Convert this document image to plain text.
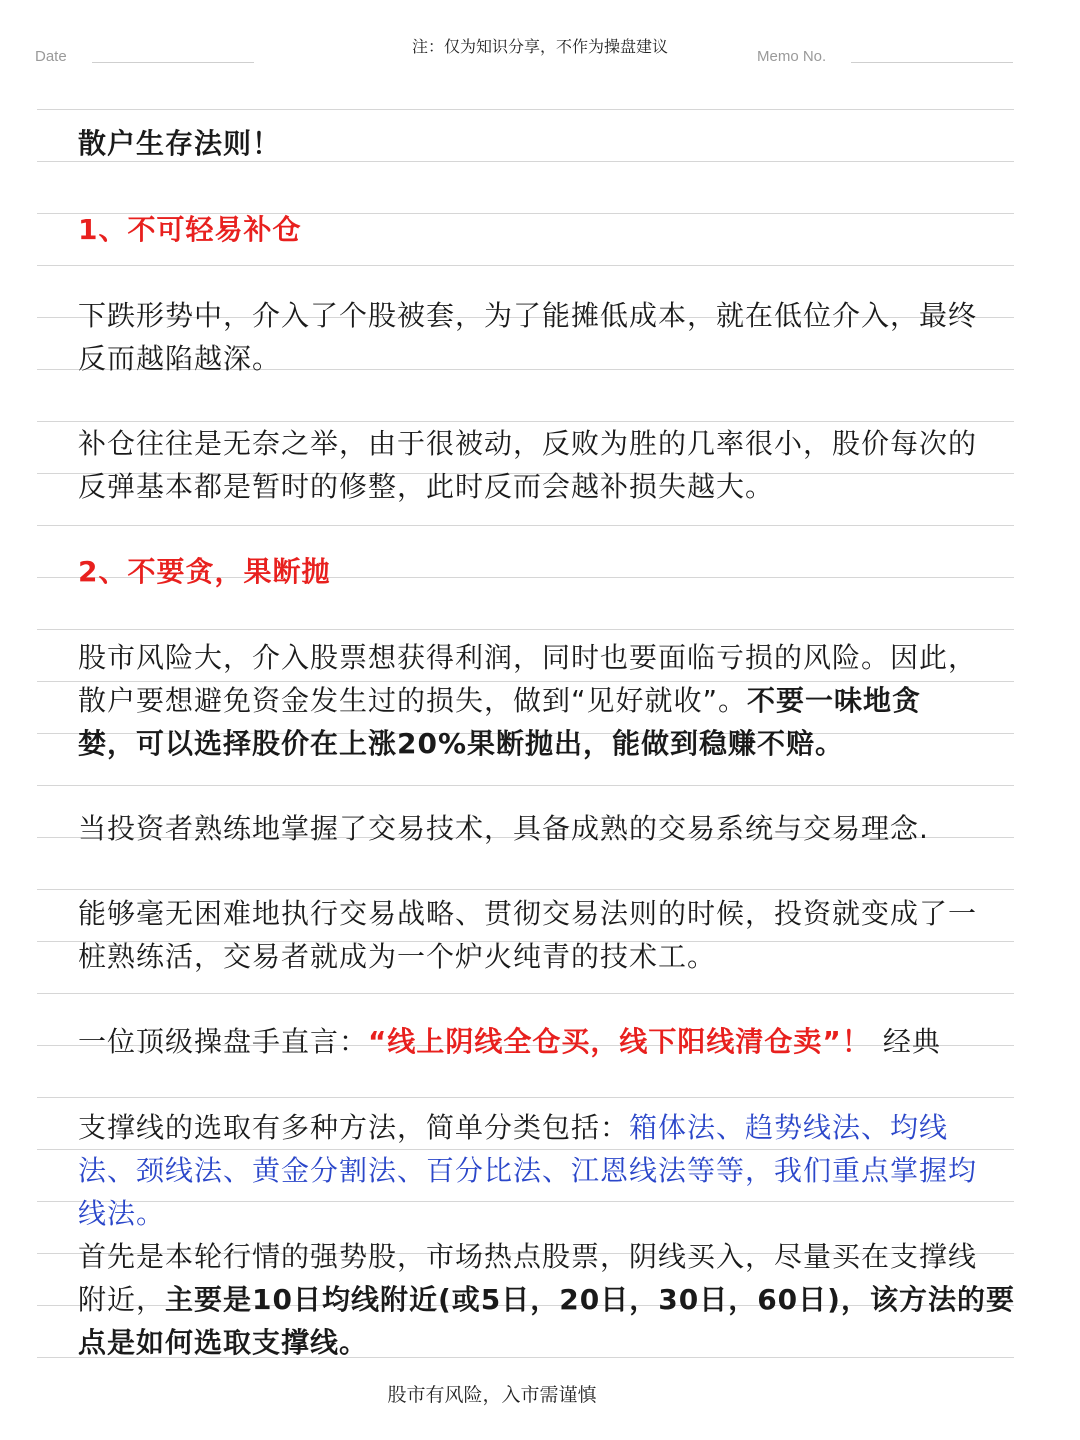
注：仅为知识分享，不作为操盘建议
Date	Memo No.
散户生存法则！
1、不可轻易补仓
下跌形势中，介入了个股被套，为了能摊低成本，就在低位介入，最终
反而越陷越深。
补仓往往是无奈之举，由于很被动，反败为胜的几率很小，股价每次的
反弹基本都是暂时的修整，此时反而会越补损失越大。
2、不要贪，果断抛
股市风险大，介入股票想获得利润，同时也要面临亏损的风险。因此，
散户要想避免资金发生过的损失，做到“见好就收”。不要一味地贪
婪，可以选择股价在上涨20%果断抛出，能做到稳赚不赔。
当投资者熟练地掌握了交易技术，具备成熟的交易系统与交易理念.
能够毫无困难地执行交易战略、贯彻交易法则的时候，投资就变成了一
桩熟练活，交易者就成为一个炉火纯青的技术工。
一位顶级操盘手直言：“线上阴线全仓买，线下阳线清仓卖”！ 经典
支撑线的选取有多种方法，简单分类包括：箱体法、趋势线法、均线
法、颈线法、黄金分割法、百分比法、江恩线法等等，我们重点掌握均
线法。
首先是本轮行情的强势股，市场热点股票，阴线买入，尽量买在支撑线
附近，主要是10日均线附近(或5日，20日，30日，60日)，该方法的要
点是如何选取支撑线。
股市有风险，入市需谨慎
